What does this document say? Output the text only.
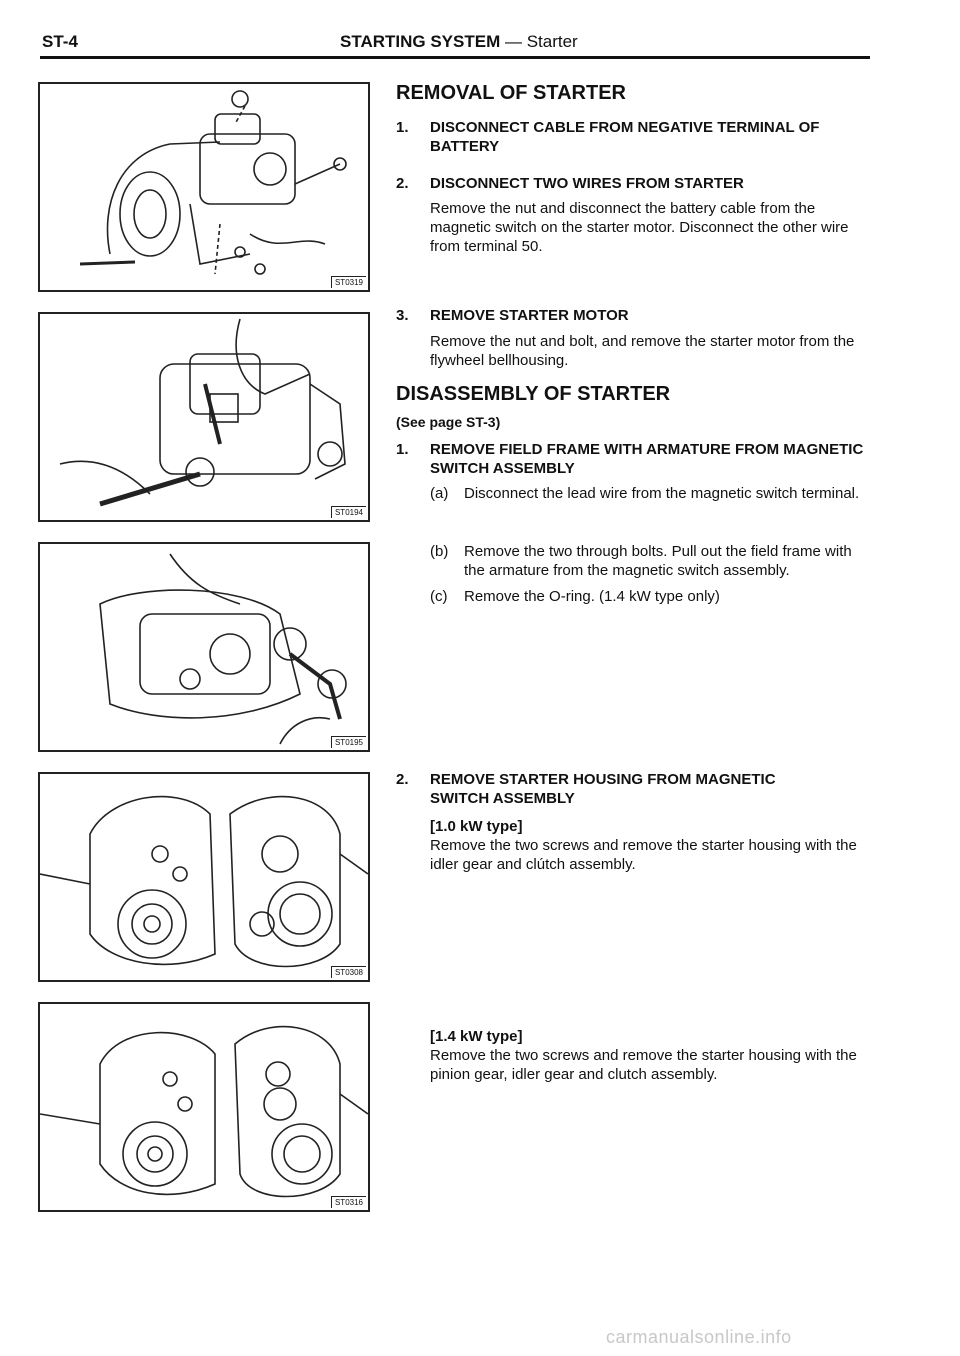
ST-4	STARTING SYSTEM — Starter
ST0319
ST0194
ST0195
ST0308
ST0316
REMOVAL OF STARTER
1. DISCONNECT CABLE FROM NEGATIVE TERMINAL OF BATTERY
2. DISCONNECT TWO WIRES FROM STARTER
Remove the nut and disconnect the battery cable from the magnetic switch on the starter motor. Disconnect the other wire from terminal 50.
3. REMOVE STARTER MOTOR
Remove the nut and bolt, and remove the starter motor from the flywheel bellhousing.
DISASSEMBLY OF STARTER
(See page ST-3)
1. REMOVE FIELD FRAME WITH ARMATURE FROM MAGNETIC SWITCH ASSEMBLY
(a) Disconnect the lead wire from the magnetic switch terminal.
(b) Remove the two through bolts. Pull out the field frame with the armature from the magnetic switch assembly.
(c) Remove the O-ring. (1.4 kW type only)
2. REMOVE STARTER HOUSING FROM MAGNETIC SWITCH ASSEMBLY
[1.0 kW type]
Remove the two screws and remove the starter housing with the idler gear and clútch assembly.
[1.4 kW type]
Remove the two screws and remove the starter housing with the pinion gear, idler gear and clutch assembly.
carmanualsonline.info
